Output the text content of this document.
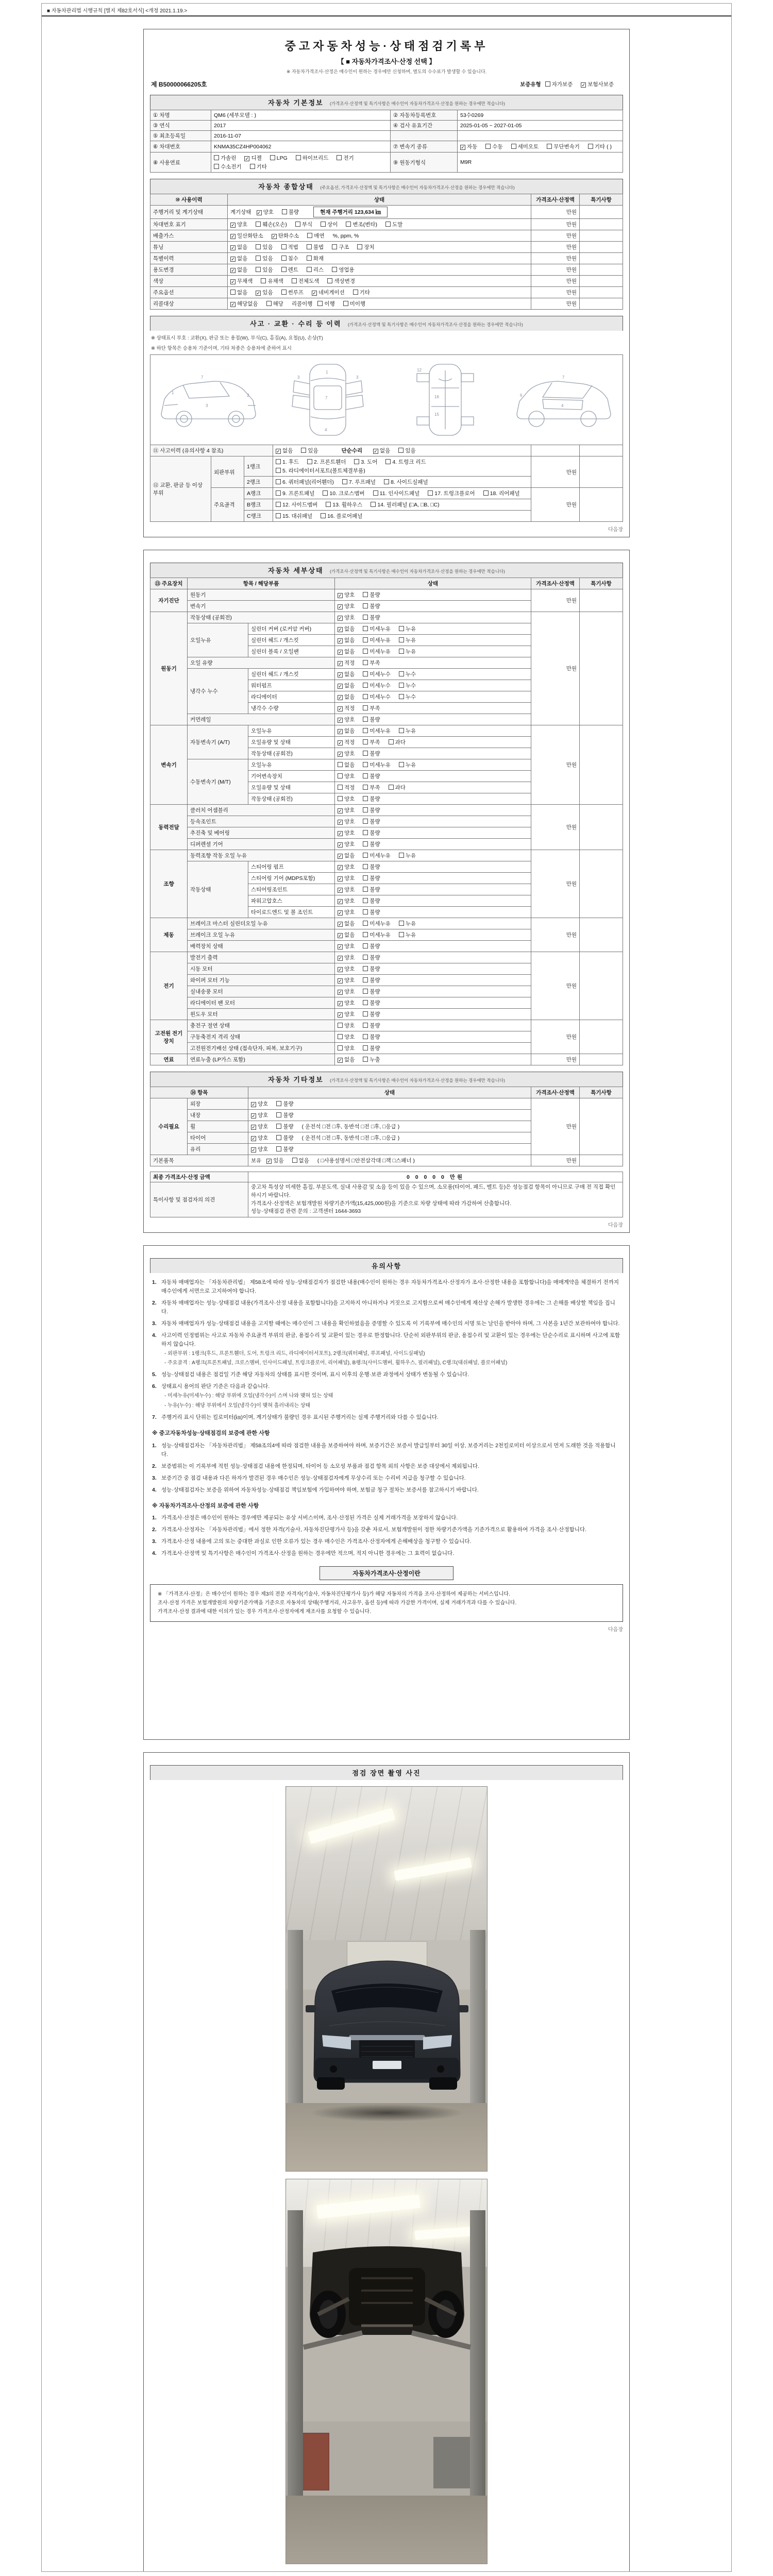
■ 자동차관리법 시행규칙 [별지 제82호서식] <개정 2021.1.19.>
중고자동차성능·상태점검기록부
【 ■ 자동차가격조사·산정 선택 】
※ 자동차가격조사·산정은 매수인이 원하는 경우에만 신청하며, 별도의 수수료가 발생할 수 있습니다.
제 B50000066205호	보증유형 자가보증 ✓ 보험사보증
자동차 기본정보 (가격조사·산정액 및 특기사항은 매수인이 자동차가격조사·산정을 원하는 경우에만 적습니다)
① 차명	QM6 (세부모델 : )	② 자동차등록번호	53수0269
③ 연식	2017	④ 검사 유효기간	2025-01-05 ~ 2027-01-05
⑤ 최초등록일	2016-11-07		
⑥ 차대번호	KNMA35CZ4HP004062	⑦ 변속기 종류	✓ 자동 수동 세미오토 무단변속기 기타 ( )
⑧ 사용연료	가솔린 ✓ 디젤 LPG 하이브리드 전기수소전기 기타	⑨ 원동기형식	M9R
자동차 종합상태 (주요옵션, 가격조사·산정액 및 특기사항은 매수인이 자동차가격조사·산정을 원하는 경우에만 적습니다)
⑩ 사용이력	상태	가격조사·산정액	특기사항
주행거리 및 계기상태	계기상태 ✓ 양호 불량 현재 주행거리 123,634 ㎞	만원	
차대번호 표기	✓ 양호 훼손(오손) 부식 상이 변조(변타) 도말	만원	
배출가스	✓ 일산화탄소 ✓ 탄화수소 매연%, ppm, %	만원	
튜닝	✓ 없음 있음 적법 불법 구조 장치	만원	
특별이력	✓ 없음 있음 침수 화재	만원	
용도변경	✓ 없음 있음 렌트 리스 영업용	만원	
색상	✓ 무채색 유채색 전체도색 색상변경	만원	
주요옵션	없음 ✓ 있음 썬루프 ✓ 네비게이션 기타	만원	
리콜대상	✓ 해당없음 해당 리콜이행 이행 미이행	만원	
사고 · 교환 · 수리 등 이력 (가격조사·산정액 및 특기사항은 매수인이 자동차가격조사·산정을 원하는 경우에만 적습니다)
※ 상태표시 부호 : 교환(X), 판금 또는 용접(W), 부식(C), 흠집(A), 요철(U), 손상(T)
※ 하단 항목은 승용차 기준이며, 기타 차종은 승용차에 준하여 표시
7
1
2
3
1
7
4
3	3
16
15
12
7
4
6
⑪ 사고이력 (유의사항 4 참조)			✓ 없음 있음 단순수리 ✓ 없음 있음		
⑫ 교환, 판금 등 이상 부위	외판부위	1랭크	1. 후드 2. 프론트휀더 3. 도어 4. 트렁크 리드5. 라디에이터서포트(볼트체결부품)	만원	
		2랭크	6. 쿼터패널(리어휀더) 7. 루프패널 8. 사이드실패널		
	주요골격	A랭크	9. 프론트패널 10. 크로스멤버 11. 인사이드패널 17. 트렁크플로어 18. 리어패널	만원	
		B랭크	12. 사이드멤버 13. 휠하우스 14. 필러패널 (□A, □B, □C)		
		C랭크	15. 대쉬패널 16. 플로어패널		
다음장
자동차 세부상태 (가격조사·산정액 및 특기사항은 매수인이 자동차가격조사·산정을 원하는 경우에만 적습니다)
⑬ 주요장치	항목 / 해당부품		상태	가격조사·산정액	특기사항
자기진단	원동기		✓ 양호 불량	만원	
	변속기		✓ 양호 불량		
원동기	작동상태 (공회전)		✓ 양호 불량	만원	
	오일누유	실린더 커버 (로커암 커버)	✓ 없음 미세누유 누유		
		실린더 헤드 / 개스킷	✓ 없음 미세누유 누유		
		실린더 블록 / 오일팬	✓ 없음 미세누유 누유		
	오일 유량		✓ 적정 부족		
	냉각수 누수	실린더 헤드 / 개스킷	✓ 없음 미세누수 누수		
		워터펌프	✓ 없음 미세누수 누수		
		라디에이터	✓ 없음 미세누수 누수		
		냉각수 수량	✓ 적정 부족		
	커먼레일		✓ 양호 불량		
변속기	자동변속기 (A/T)	오일누유	✓ 없음 미세누유 누유	만원	
		오일유량 및 상태	✓ 적정 부족 과다		
		작동상태 (공회전)	✓ 양호 불량		
	수동변속기 (M/T)	오일누유	없음 미세누유 누유		
		기어변속장치	양호 불량		
		오일유량 및 상태	적정 부족 과다		
		작동상태 (공회전)	양호 불량		
동력전달	클러치 어셈블리		✓ 양호 불량	만원	
	등속조인트		✓ 양호 불량		
	추진축 및 베어링		✓ 양호 불량		
	디퍼렌셜 기어		✓ 양호 불량		
조향	동력조향 작동 오일 누유		✓ 없음 미세누유 누유	만원	
	작동상태	스티어링 펌프	✓ 양호 불량		
		스티어링 기어 (MDPS포함)	✓ 양호 불량		
		스티어링조인트	✓ 양호 불량		
		파워고압호스	✓ 양호 불량		
		타이로드엔드 및 볼 조인트	✓ 양호 불량		
제동	브레이크 마스터 실린더오일 누유		✓ 없음 미세누유 누유	만원	
	브레이크 오일 누유		✓ 없음 미세누유 누유		
	배력장치 상태		✓ 양호 불량		
전기	발전기 출력		✓ 양호 불량	만원	
	시동 모터		✓ 양호 불량		
	와이퍼 모터 기능		✓ 양호 불량		
	실내송풍 모터		✓ 양호 불량		
	라디에이터 팬 모터		✓ 양호 불량		
	윈도우 모터		✓ 양호 불량		
고전원 전기장치	충전구 절연 상태		양호 불량	만원	
	구동축전지 격리 상태		양호 불량		
	고전원전기배선 상태 (접속단자, 피복, 보호기구)		양호 불량		
연료	연료누출 (LP가스 포함)		✓ 없음 누출	만원	
자동차 기타정보 (가격조사·산정액 및 특기사항은 매수인이 자동차가격조사·산정을 원하는 경우에만 적습니다)
⑭ 항목		상태	가격조사·산정액	특기사항
수리필요	외장	✓ 양호 불량	만원	
	내장	✓ 양호 불량		
	휠	✓ 양호 불량 ( 운전석 □전 □후, 동반석 □전 □후, □응급 )		
	타이어	✓ 양호 불량 ( 운전석 □전 □후, 동반석 □전 □후, □응급 )		
	유리	✓ 양호 불량		
기본품목		보유 ✓ 있음 없음 ( □사용설명서 □안전삼각대 □잭 □스패너 )	만원	
최종 가격조사·산정 금액	0 0 0 0 0 만원
특이사항 및 점검자의 의견	중고차 특성상 미세한 흠집, 부분도색, 실내 사용감 및 소음 등이 있을 수 있으며, 소모품(타이어, 패드, 벨트 등)은 성능점검 항목이 아니므로 구매 전 직접 확인하시기 바랍니다.
가격조사·산정액은 보험개발원 차량기준가액(15,425,000원)을 기준으로 차량 상태에 따라 가감하여 산출합니다.
성능·상태점검 관련 문의 : 고객센터 1644-3693
다음장
유의사항
1. 자동차 매매업자는 「자동차관리법」 제58조에 따라 성능·상태점검자가 점검한 내용(매수인이 원하는 경우 자동차가격조사·산정자가 조사·산정한 내용을 포함합니다)을 매매계약을 체결하기 전까지 매수인에게 서면으로 고지하여야 합니다.
2. 자동차 매매업자는 성능·상태점검 내용(가격조사·산정 내용을 포함합니다)을 고지하지 아니하거나 거짓으로 고지함으로써 매수인에게 재산상 손해가 발생한 경우에는 그 손해를 배상할 책임을 집니다.
3. 자동차 매매업자가 성능·상태점검 내용을 고지할 때에는 매수인이 그 내용을 확인하였음을 증명할 수 있도록 이 기록부에 매수인의 서명 또는 날인을 받아야 하며, 그 사본을 1년간 보관하여야 합니다.
4. 사고이력 인정범위는 사고로 자동차 주요골격 부위의 판금, 용접수리 및 교환이 있는 경우로 한정합니다. 단순히 외판부위의 판금, 용접수리 및 교환이 있는 경우에는 단순수리로 표시하며 사고에 포함하지 않습니다.
- 외판부위 : 1랭크(후드, 프론트휀더, 도어, 트렁크 리드, 라디에이터서포트), 2랭크(쿼터패널, 루프패널, 사이드실패널)
- 주요골격 : A랭크(프론트패널, 크로스멤버, 인사이드패널, 트렁크플로어, 리어패널), B랭크(사이드멤버, 휠하우스, 필러패널), C랭크(대쉬패널, 플로어패널)
5. 성능·상태점검 내용은 점검일 기준 해당 자동차의 상태를 표시한 것이며, 표시 이후의 운행·보관 과정에서 상태가 변동될 수 있습니다.
6. 상태표시 용어의 판단 기준은 다음과 같습니다.
- 미세누유(미세누수) : 해당 부위에 오일(냉각수)이 스며 나와 맺혀 있는 상태
- 누유(누수) : 해당 부위에서 오일(냉각수)이 맺혀 흘러내리는 상태
7. 주행거리 표시 단위는 킬로미터(㎞)이며, 계기상태가 불량인 경우 표시된 주행거리는 실제 주행거리와 다를 수 있습니다.
※ 중고자동차성능·상태점검의 보증에 관한 사항
1. 성능·상태점검자는 「자동차관리법」 제58조의4에 따라 점검한 내용을 보증하여야 하며, 보증기간은 보증서 발급일부터 30일 이상, 보증거리는 2천킬로미터 이상으로서 먼저 도래한 것을 적용합니다.
2. 보증범위는 이 기록부에 적힌 성능·상태점검 내용에 한정되며, 타이어 등 소모성 부품과 점검 항목 외의 사항은 보증 대상에서 제외됩니다.
3. 보증기간 중 점검 내용과 다른 하자가 발견된 경우 매수인은 성능·상태점검자에게 무상수리 또는 수리비 지급을 청구할 수 있습니다.
4. 성능·상태점검자는 보증을 위하여 자동차성능·상태점검 책임보험에 가입하여야 하며, 보험금 청구 절차는 보증서를 참고하시기 바랍니다.
※ 자동차가격조사·산정의 보증에 관한 사항
1. 가격조사·산정은 매수인이 원하는 경우에만 제공되는 유상 서비스이며, 조사·산정된 가격은 실제 거래가격을 보장하지 않습니다.
2. 가격조사·산정자는 「자동차관리법」에서 정한 자격(기술사, 자동차진단평가사 등)을 갖춘 자로서, 보험개발원이 정한 차량기준가액을 기준가격으로 활용하여 가격을 조사·산정합니다.
3. 가격조사·산정 내용에 고의 또는 중대한 과실로 인한 오류가 있는 경우 매수인은 가격조사·산정자에게 손해배상을 청구할 수 있습니다.
4. 가격조사·산정액 및 특기사항은 매수인이 가격조사·산정을 원하는 경우에만 적으며, 적지 아니한 경우에는 그 효력이 없습니다.
자동차가격조사·산정이란
※ 「가격조사·산정」은 매수인이 원하는 경우 제3의 전문 자격자(기술사, 자동차진단평가사 등)가 해당 자동차의 가격을 조사·산정하여 제공하는 서비스입니다.
조사·산정 가격은 보험개발원의 차량기준가액을 기준으로 자동차의 상태(주행거리, 사고유무, 옵션 등)에 따라 가감한 가격이며, 실제 거래가격과 다를 수 있습니다.
가격조사·산정 결과에 대한 이의가 있는 경우 가격조사·산정자에게 재조사를 요청할 수 있습니다.
다음장
점검 장면 촬영 사진
